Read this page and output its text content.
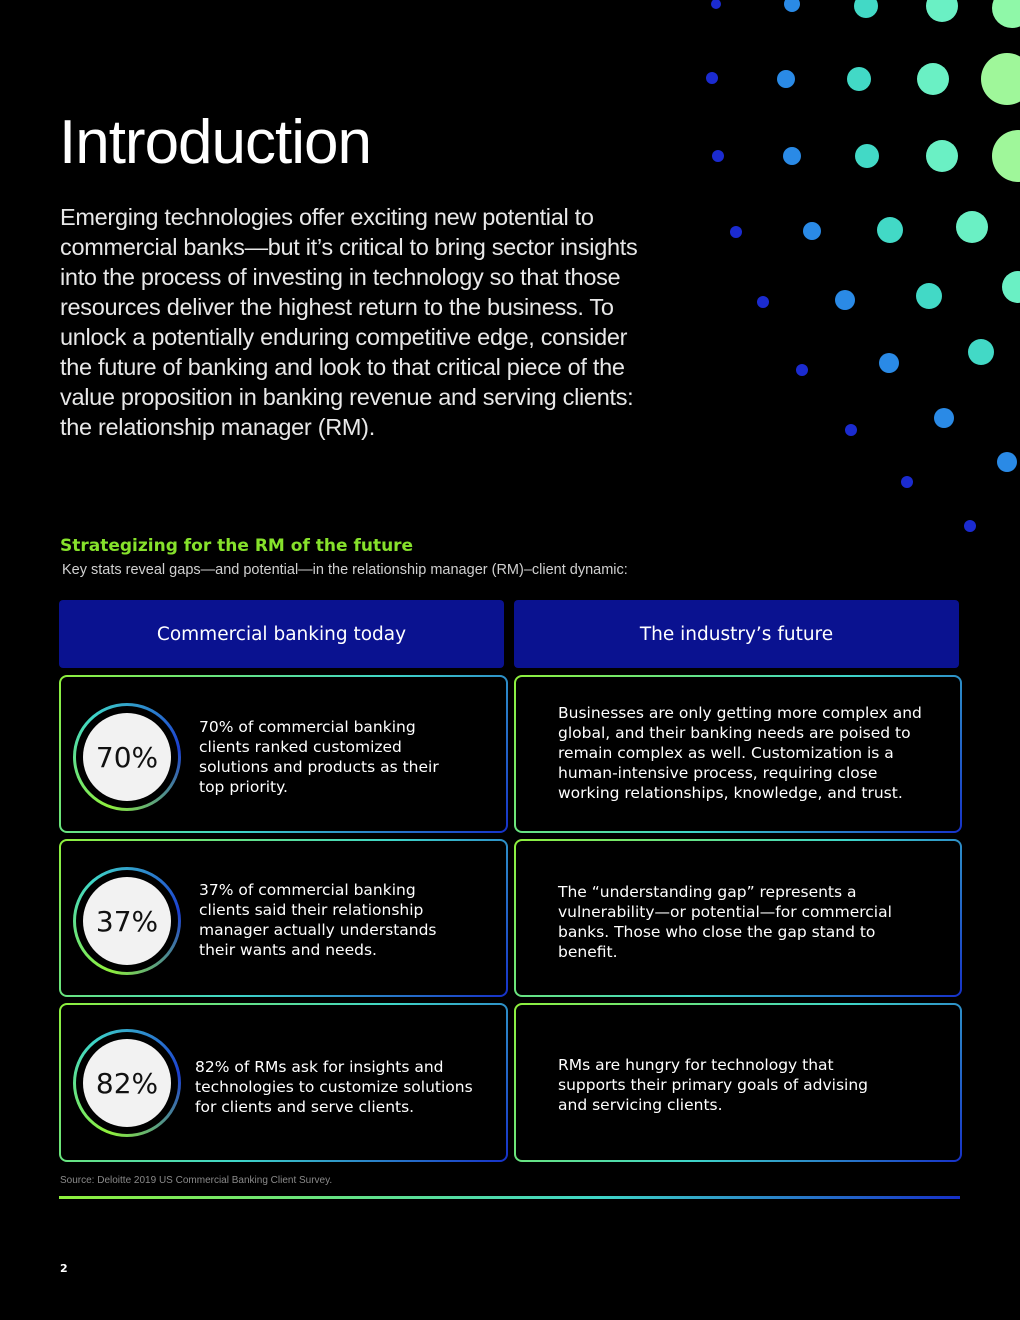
Introduction

Emerging technologies offer exciting new potential to commercial banks—but it’s critical to bring sector insights into the process of investing in technology so that those resources deliver the highest return to the business. To unlock a potentially enduring competitive edge, consider the future of banking and look to that critical piece of the value proposition in banking revenue and serving clients: the relationship manager (RM).

Strategizing for the RM of the future

Key stats reveal gaps—and potential—in the relationship manager (RM)–client dynamic:

Commercial banking today	The industry’s future
70%

70% of commercial banking clients ranked customized solutions and products as their top priority.

Businesses are only getting more complex and global, and their banking needs are poised to remain complex as well. Customization is a human-intensive process, requiring close working relationships, knowledge, and trust.

37%

37% of commercial banking clients said their relationship manager actually understands their wants and needs.

The “understanding gap” represents a vulnerability—or potential—for commercial banks. Those who close the gap stand to benefit.

82%	82% of RMs ask for insights and technologies to customize solutions for clients and serve clients.

RMs are hungry for technology that supports their primary goals of advising and servicing clients.

Source: Deloitte 2019 US Commercial Banking Client Survey.

2
